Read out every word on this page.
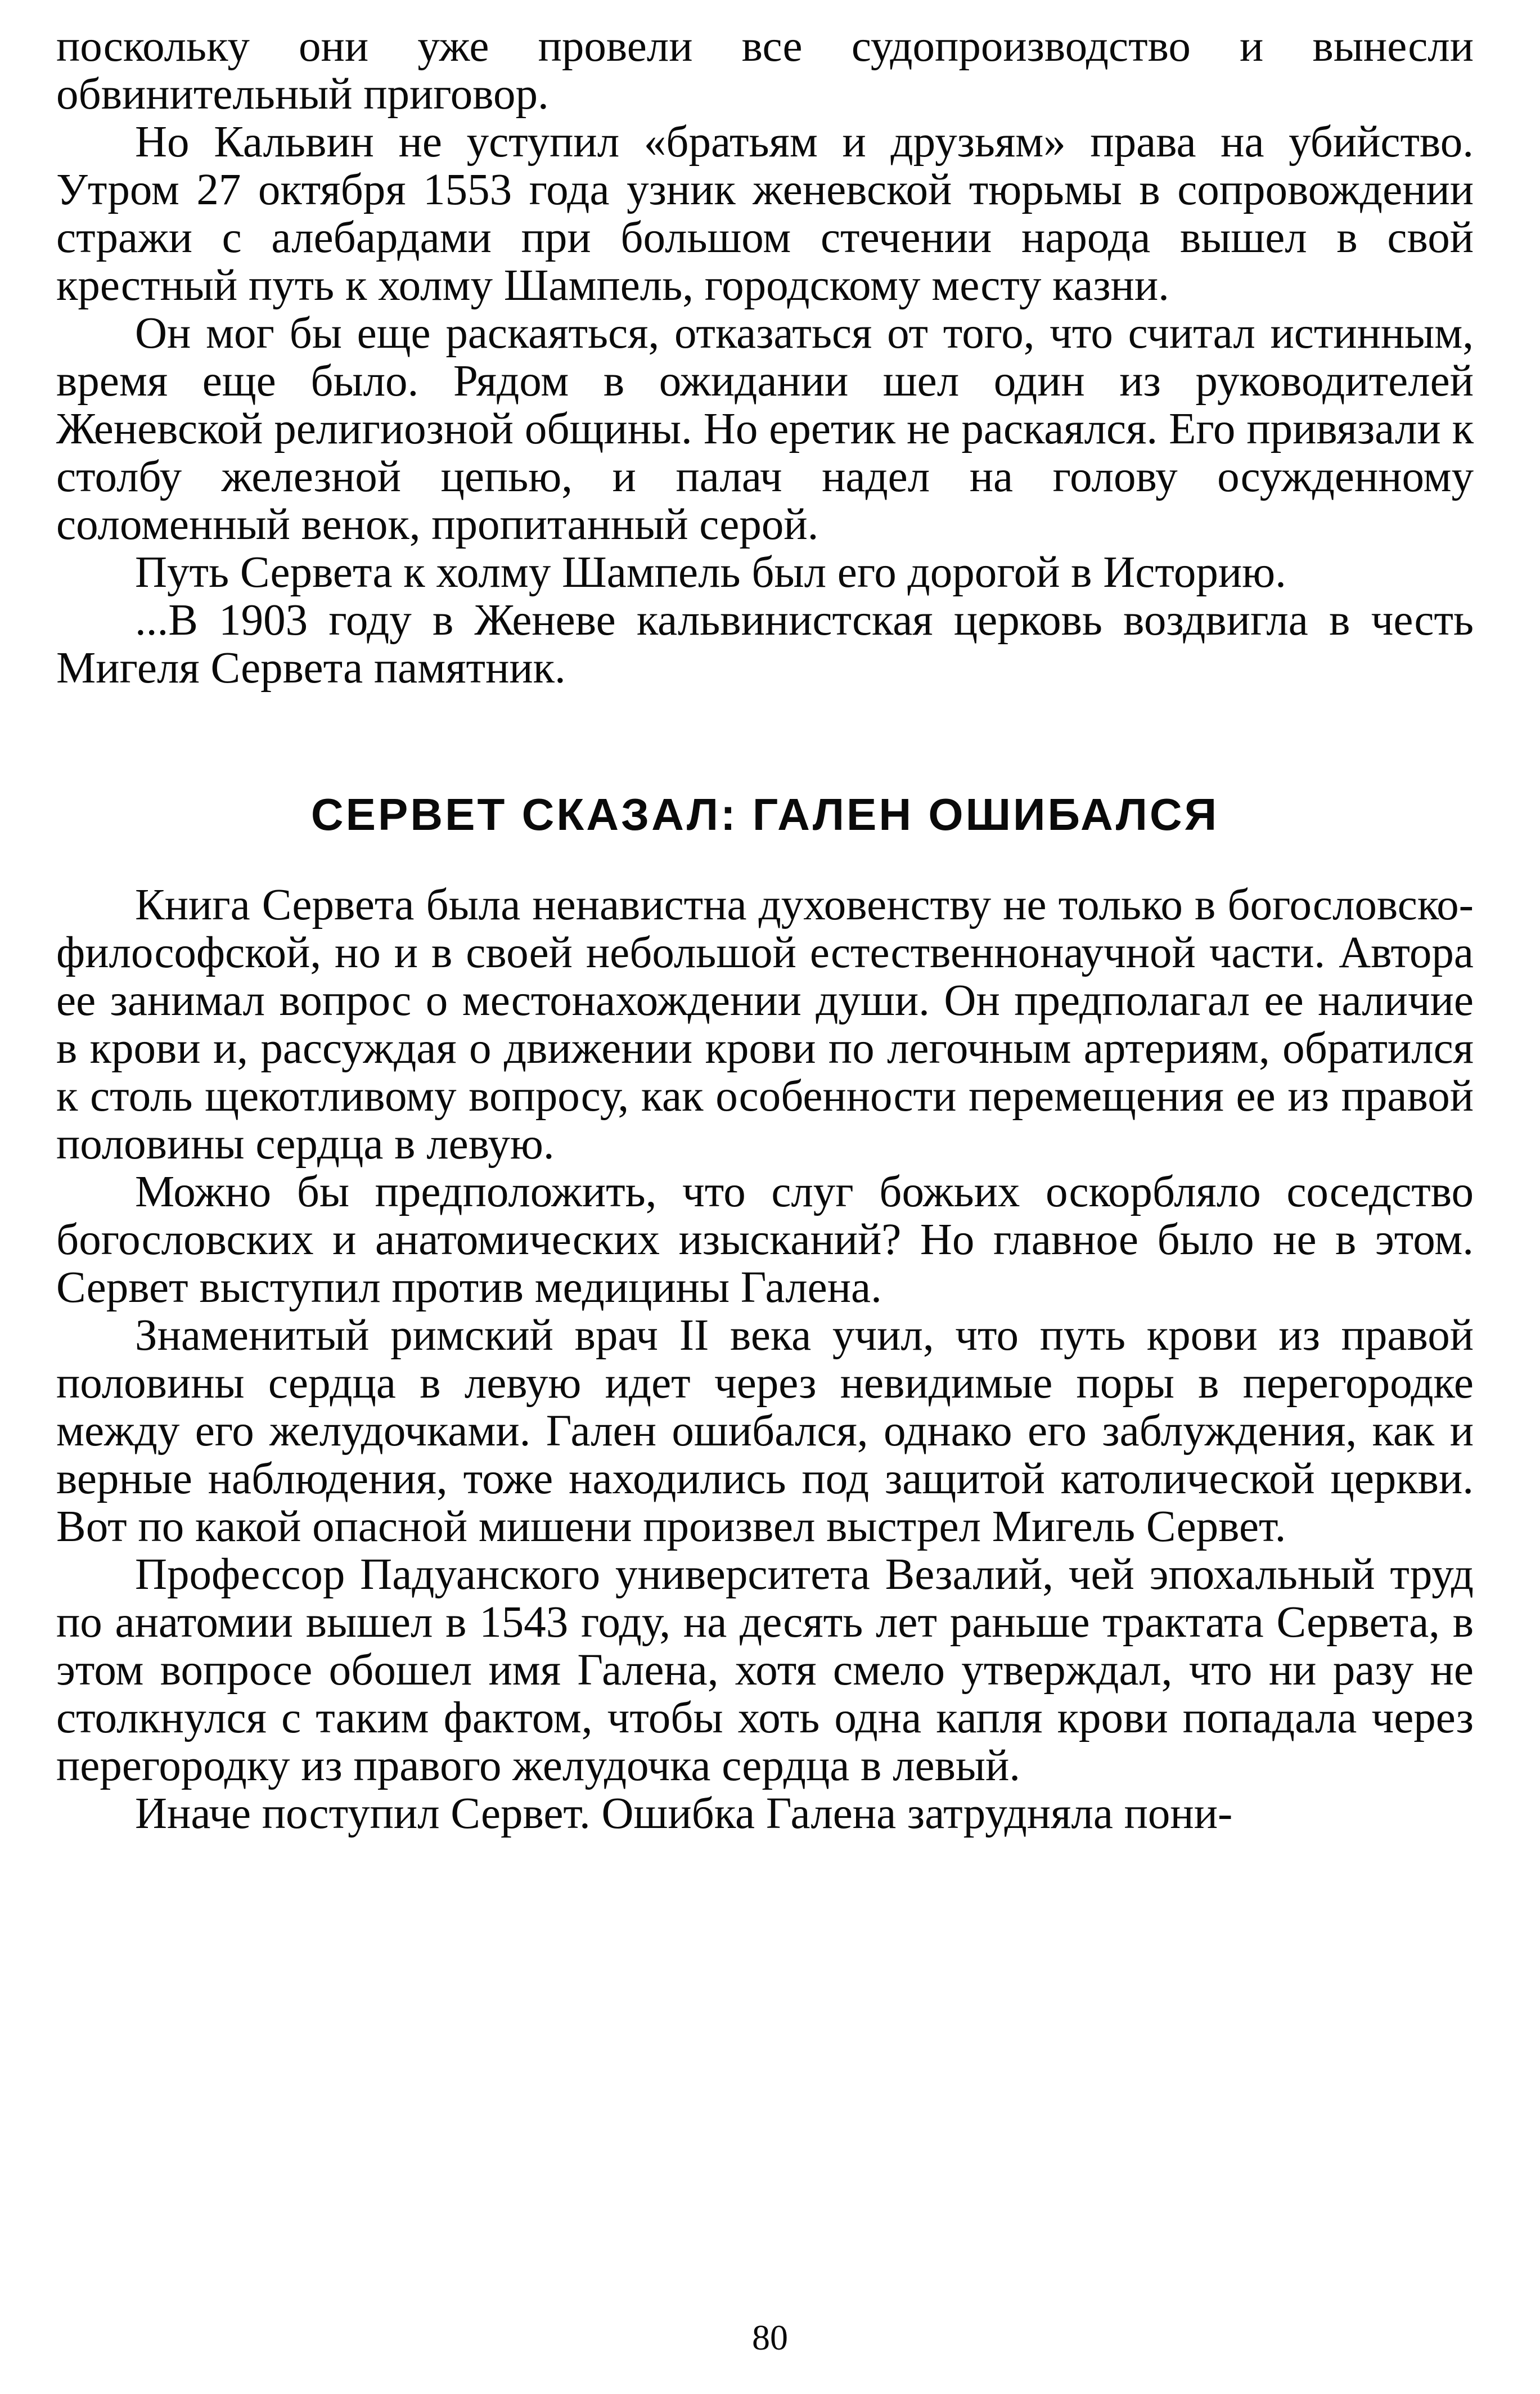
поскольку они уже провели все судопроизводство и вынесли обвинительный приговор.

Но Кальвин не уступил «братьям и друзьям» права на убийство. Утром 27 октября 1553 года узник женевской тюрьмы в сопровождении стражи с алебардами при большом стечении народа вышел в свой крестный путь к холму Шампель, городскому месту казни.

Он мог бы еще раскаяться, отказаться от того, что считал истинным, время еще было. Рядом в ожидании шел один из руководителей Женевской религиозной общины. Но еретик не раскаялся. Его привязали к столбу железной цепью, и палач надел на голову осужденному соломенный венок, пропитанный серой.

Путь Сервета к холму Шампель был его дорогой в Историю.

...В 1903 году в Женеве кальвинистская церковь воздвигла в честь Мигеля Сервета памятник.

СЕРВЕТ СКАЗАЛ: ГАЛЕН ОШИБАЛСЯ

Книга Сервета была ненавистна духовенству не только в богословско-философской, но и в своей небольшой естественнонаучной части. Автора ее занимал вопрос о местонахождении души. Он предполагал ее наличие в крови и, рассуждая о движении крови по легочным артериям, обратился к столь щекотливому вопросу, как особенности перемещения ее из правой половины сердца в левую.

Можно бы предположить, что слуг божьих оскорбляло соседство богословских и анатомических изысканий? Но главное было не в этом. Сервет выступил против медицины Галена.

Знаменитый римский врач II века учил, что путь крови из правой половины сердца в левую идет через невидимые поры в перегородке между его желудочками. Гален ошибался, однако его заблуждения, как и верные наблюдения, тоже находились под защитой католической церкви. Вот по какой опасной мишени произвел выстрел Мигель Сервет.

Профессор Падуанского университета Везалий, чей эпохальный труд по анатомии вышел в 1543 году, на десять лет раньше трактата Сервета, в этом вопросе обошел имя Галена, хотя смело утверждал, что ни разу не столкнулся с таким фактом, чтобы хоть одна капля крови попадала через перегородку из правого желудочка сердца в левый.

Иначе поступил Сервет. Ошибка Галена затрудняла пони-

80
